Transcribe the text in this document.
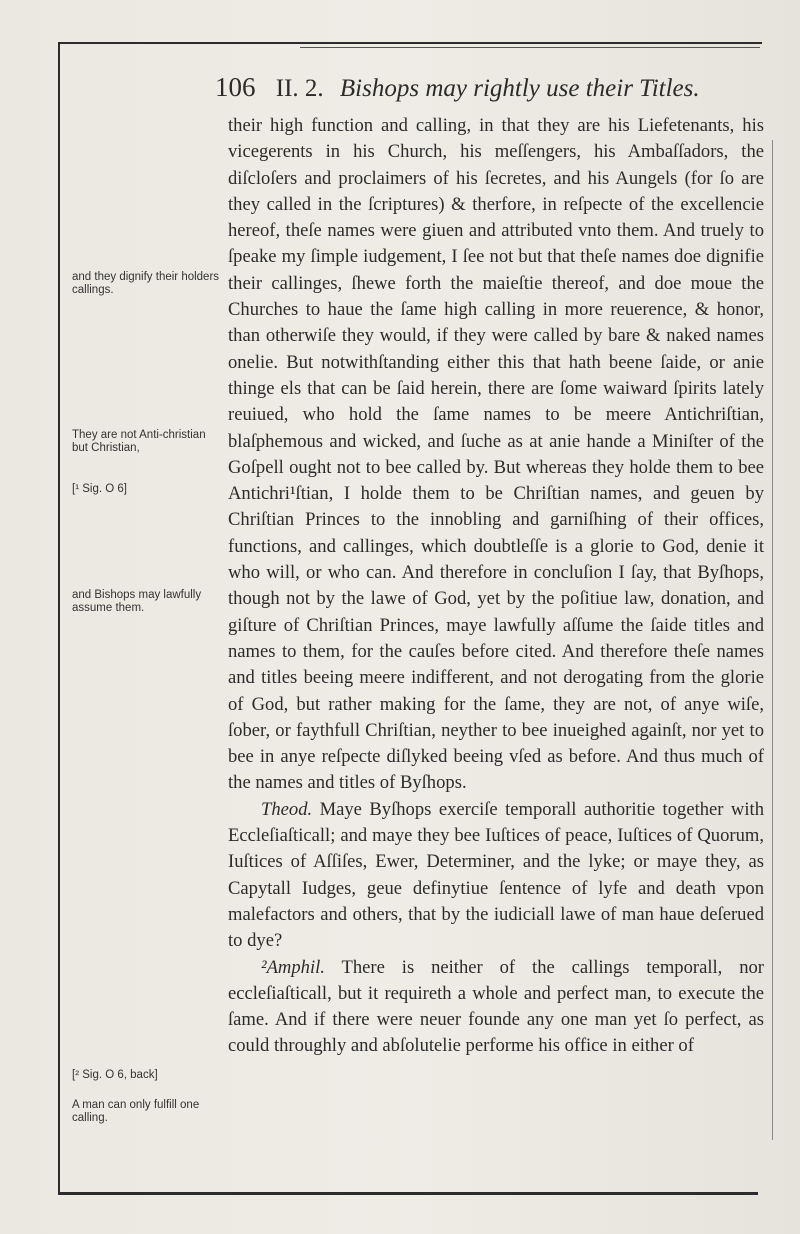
106 II. 2. Bishops may rightly use their Titles.

their high function and calling, in that they are his Liefetenants, his vicegerents in his Church, his meſſengers, his Ambaſſadors, the diſcloſers and proclaimers of his ſecretes, and his Aungels (for ſo are they called in the ſcriptures) & therfore, in reſpecte of the excellencie hereof, theſe names were giuen and attributed vnto them. And truely to ſpeake my ſimple iudgement, I ſee not but that theſe names doe dignifie their callinges, ſhewe forth the maieſtie thereof, and doe moue the Churches to haue the ſame high calling in more reuerence, & honor, than otherwiſe they would, if they were called by bare & naked names onelie. But notwithſtanding either this that hath beene ſaide, or anie thinge els that can be ſaid herein, there are ſome waiward ſpirits lately reuiued, who hold the ſame names to be meere Antichriſtian, blaſphemous and wicked, and ſuche as at anie hande a Miniſter of the Goſpell ought not to bee called by. But whereas they holde them to bee Antichri¹ſtian, I holde them to be Chriſtian names, and geuen by Chriſtian Princes to the innobling and garniſhing of their offices, functions, and callinges, which doubtleſſe is a glorie to God, denie it who will, or who can. And therefore in concluſion I ſay, that Byſhops, though not by the lawe of God, yet by the poſitiue law, donation, and giſture of Chriſtian Princes, maye lawfully aſſume the ſaide titles and names to them, for the cauſes before cited. And therefore theſe names and titles beeing meere indifferent, and not derogating from the glorie of God, but rather making for the ſame, they are not, of anye wiſe, ſober, or faythfull Chriſtian, neyther to bee inueighed againſt, nor yet to bee in anye reſpecte diſlyked beeing vſed as before. And thus much of the names and titles of Byſhops.

Theod. Maye Byſhops exerciſe temporall authoritie together with Eccleſiaſticall; and maye they bee Iuſtices of peace, Iuſtices of Quorum, Iuſtices of Aſſiſes, Ewer, Determiner, and the lyke; or maye they, as Capytall Iudges, geue definytiue ſentence of lyfe and death vpon malefactors and others, that by the iudiciall lawe of man haue deſerued to dye?

²Amphil. There is neither of the callings temporall, nor eccleſiaſticall, but it requireth a whole and perfect man, to execute the ſame. And if there were neuer founde any one man yet ſo perfect, as could throughly and abſolutelie performe his office in either of

and they dignify their holders callings.
They are not Anti-christian but Christian,
[¹ Sig. O 6]
and Bishops may lawfully assume them.
[² Sig. O 6, back]
A man can only fulfill one calling.
